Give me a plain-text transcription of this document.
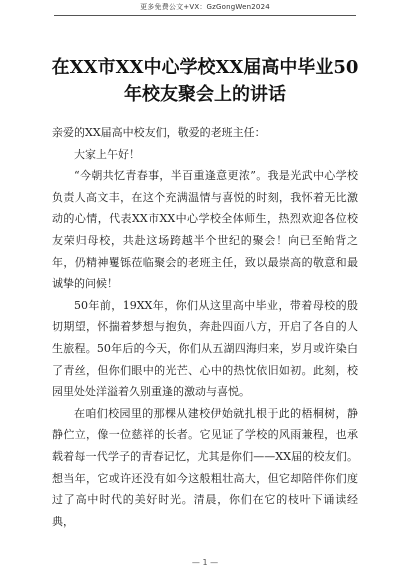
更多免费公文+VX：GzGongWen2024
在XX市XX中心学校XX届高中毕业50
年校友聚会上的讲话

亲爱的XX届高中校友们，敬爱的老班主任：

大家上午好！

“今朝共忆青春事，半百重逢意更浓”。我是光武中心学校负责人高文丰，在这个充满温情与喜悦的时刻，我怀着无比激动的心情，代表XX市XX中心学校全体师生，热烈欢迎各位校友荣归母校，共赴这场跨越半个世纪的聚会！向已至鲐背之年，仍精神矍铄莅临聚会的老班主任，致以最崇高的敬意和最诚挚的问候！

50年前，19XX年，你们从这里高中毕业，带着母校的殷切期望，怀揣着梦想与抱负，奔赴四面八方，开启了各自的人生旅程。50年后的今天，你们从五湖四海归来，岁月或许染白了青丝，但你们眼中的光芒、心中的热忱依旧如初。此刻，校园里处处洋溢着久别重逢的激动与喜悦。

在咱们校园里的那棵从建校伊始就扎根于此的梧桐树，静静伫立，像一位慈祥的长者。它见证了学校的风雨兼程，也承载着每一代学子的青春记忆，尤其是你们——XX届的校友们。想当年，它或许还没有如今这般粗壮高大，但它却陪伴你们度过了高中时代的美好时光。清晨，你们在它的枝叶下诵读经典，

— 1 —
